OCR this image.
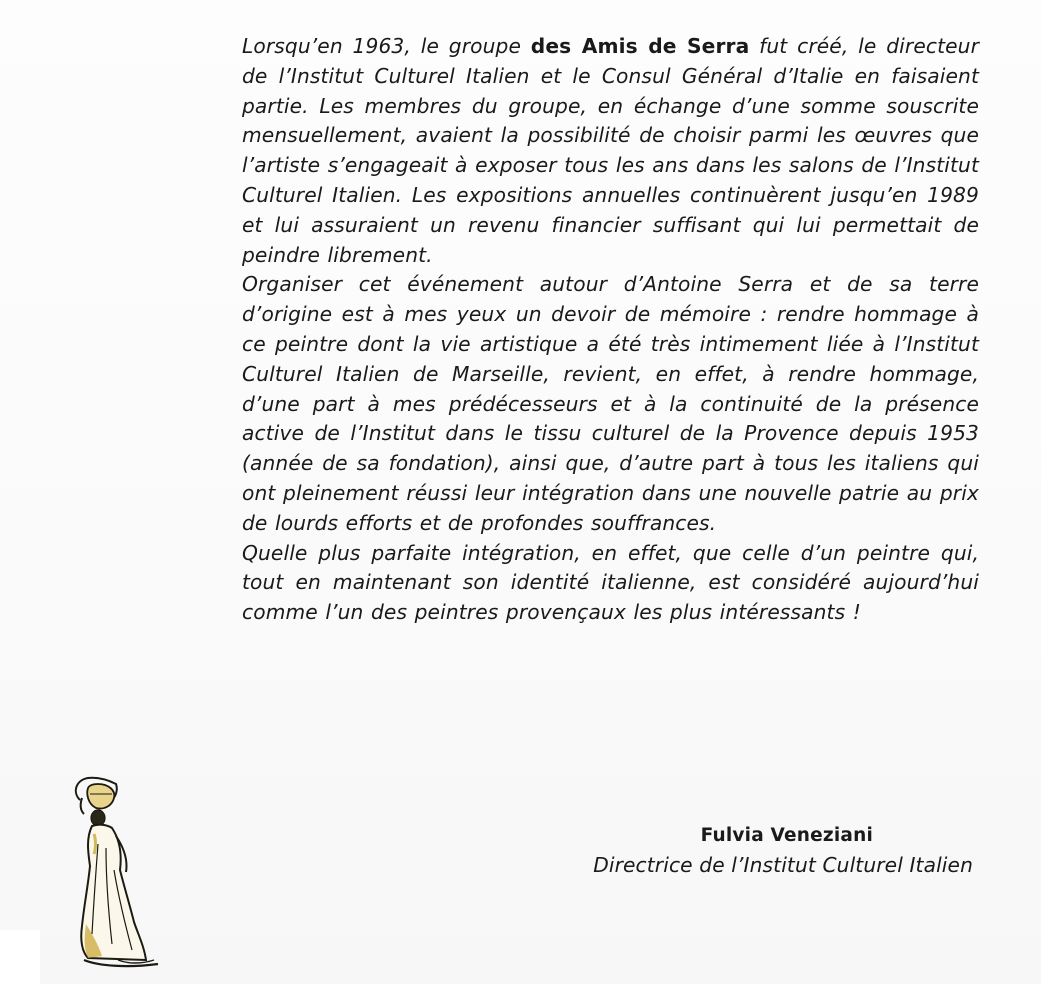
Lorsqu’en 1963, le groupe des Amis de Serra fut créé, le directeur de l’Institut Culturel Italien et le Consul Général d’Italie en faisaient partie. Les membres du groupe, en échange d’une somme souscrite mensuellement, avaient la possibilité de choisir parmi les œuvres que l’artiste s’engageait à exposer tous les ans dans les salons de l’Institut Culturel Italien. Les expositions annuelles continuèrent jusqu’en 1989 et lui assuraient un revenu financier suffisant qui lui permettait de peindre librement.

Organiser cet événement autour d’Antoine Serra et de sa terre d’origine est à mes yeux un devoir de mémoire : rendre hommage à ce peintre dont la vie artistique a été très intimement liée à l’Institut Culturel Italien de Marseille, revient, en effet, à rendre hommage, d’une part à mes prédécesseurs et à la continuité de la présence active de l’Institut dans le tissu culturel de la Provence depuis 1953 (année de sa fondation), ainsi que, d’autre part à tous les italiens qui ont pleinement réussi leur intégration dans une nouvelle patrie au prix de lourds efforts et de profondes souffrances.

Quelle plus parfaite intégration, en effet, que celle d’un peintre qui, tout en maintenant son identité italienne, est considéré aujourd’hui comme l’un des peintres provençaux les plus intéressants !

Fulvia Veneziani
Directrice de l’Institut Culturel Italien
